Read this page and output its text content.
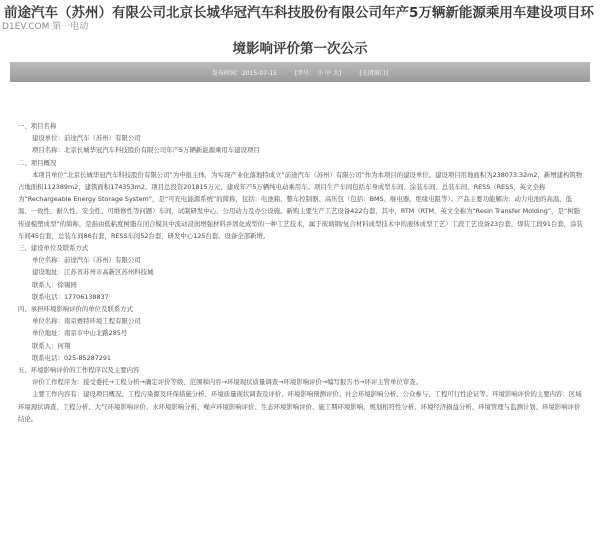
前途汽车（苏州）有限公司北京长城华冠汽车科技股份有限公司年产5万辆新能源乘用车建设项目环
境影响评价第一次公示
D1EV.COM 第一电动
发布时间：2015-07-15	[字号： 小 中 大]	[关闭窗口]

一、项目名称

建设单位：前途汽车（苏州）有限公司

项目名称：北京长城华冠汽车科技股份有限公司年产5万辆新能源乘用车建设项目

二、项目概况

本项目单位“北京长城华冠汽车科技股份有限公司”为申报主体，为实现产业化落地特成立“前途汽车（苏州）有限公司”作为本项目的建设单位。建设项目用地面积为238073.32m2，新增建构筑物占地面积112389m2，建筑面积174353m2。项目总投资201815万元，建成年产5万辆纯电动乘用车。项目生产车间包括车身成型车间、涂装车间、总装车间、RESS（RESS，英文全称为“Rechargeable Energy Storage System”，是“可充电能源系统”的简称，包括：电池箱、整车控制器、高压包（包括：BMS、继电器、绝缘电阻等）。产品主要功能解决：动力电池的高温、低温、一致性、耐久性、安全性、可维修性等问题）车间，试制研发中心、公用动力及办公设施。新购主要生产工艺设备422台套，其中，RTM（RTM，英文全称为“Resin Transfer Molding”，是“树脂传递模塑成型”的简称，是指由低粘度树脂在闭合模具中流动浸润增强材料并固化成型的一种工艺技术，属于玻璃钢/复合材料成型技术中的液体成型工艺）工段工艺设备23台套，焊装工段91台套，涂装车间45台套，总装车间86台套，RESS车间52台套，研发中心125台套。设备全部新增。

三、建设单位及联系方式

单位名称：前途汽车（苏州）有限公司

建设地址：江苏省苏州市高新区苏州科技城

联系人：徐锡园

联系电话：17706138837

四、承担环境影响评价的单位及联系方式

单位名称：南京赛特环境工程有限公司

单位地址：南京市中山北路285号

联系人：何翔

联系电话：025-85287291

五、环境影响评价的工作程序以及主要内容

评价工作程序为：接受委托→工程分析→确定评价等级、范围和内容→环境现状质量调查→环境影响评价→编写报告书→环评主管单位审查。

主要工作内容有：建设项目概况、工程污染源及环保措施分析、环境质量现状调查及评价、环境影响预测评价、社会环境影响分析、公众参与、工程可行性论证等。环境影响评价的主要内容：区域环境现状调查、工程分析、大气环境影响评价、水环境影响分析、噪声环境影响评价、生态环境影响评价、施工期环境影响、规划相符性分析、环境经济损益分析、环境管理与监测计划、环境影响评价结论。
